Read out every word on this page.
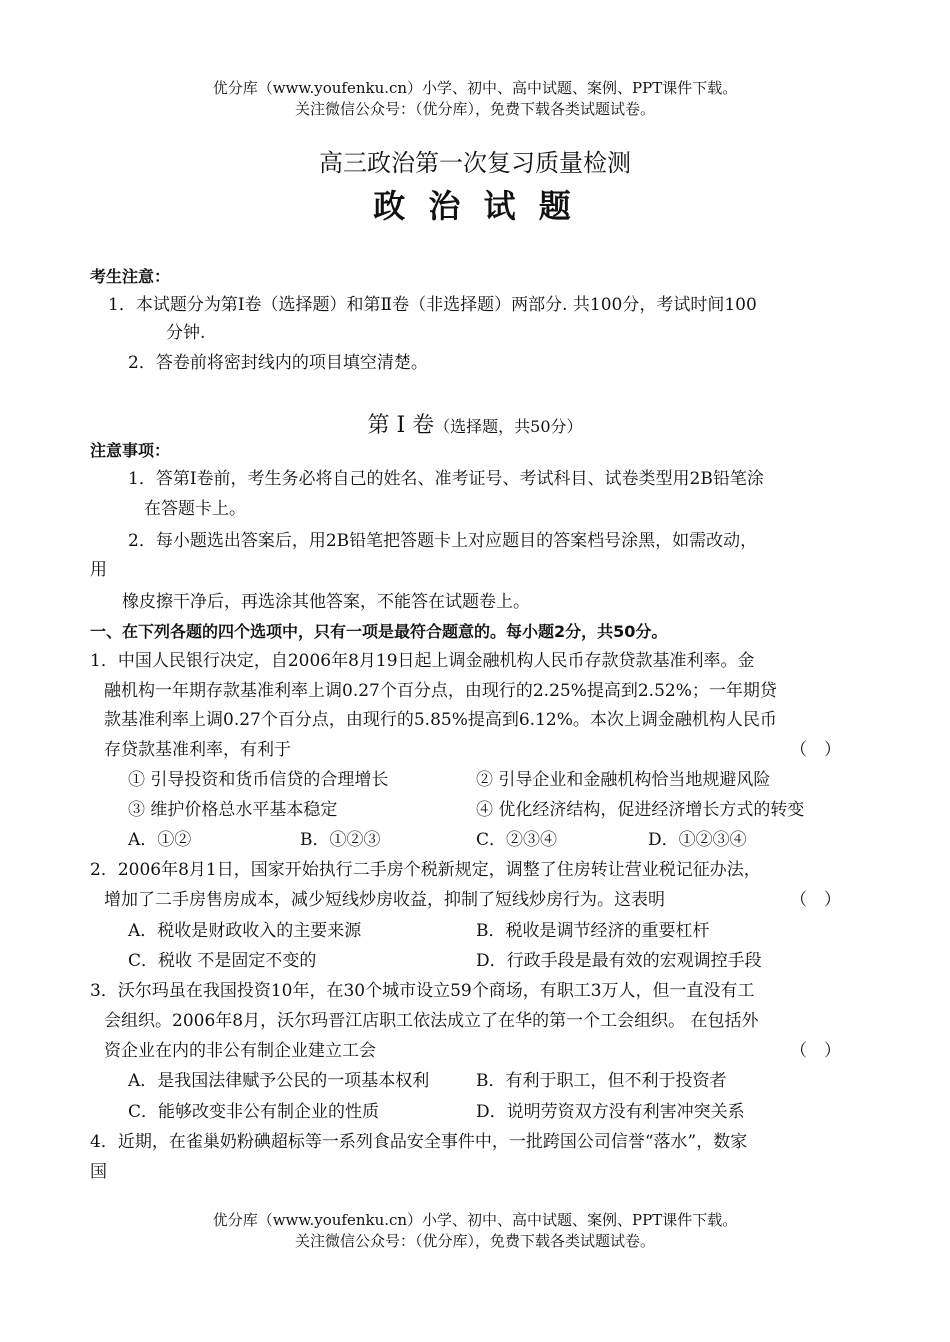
优分库（www.youfenku.cn）小学、初中、高中试题、案例、PPT课件下载。
关注微信公众号：（优分库），免费下载各类试题试卷。
高三政治第一次复习质量检测
政 治 试 题
考生注意：
1．本试题分为第Ⅰ卷（选择题）和第Ⅱ卷（非选择题）两部分. 共100分，考试时间100
分钟.
2．答卷前将密封线内的项目填空清楚。
第 Ⅰ 卷（选择题，共50分）
注意事项：
1．答第Ⅰ卷前，考生务必将自己的姓名、准考证号、考试科目、试卷类型用2B铅笔涂
在答题卡上。
2．每小题选出答案后，用2B铅笔把答题卡上对应题目的答案档号涂黑，如需改动，
用
橡皮擦干净后，再选涂其他答案，不能答在试题卷上。
一、在下列各题的四个选项中，只有一项是最符合题意的。每小题2分，共50分。
1．中国人民银行决定，自2006年8月19日起上调金融机构人民币存款贷款基准利率。金
融机构一年期存款基准利率上调0.27个百分点，由现行的2.25%提高到2.52%；一年期贷
款基准利率上调0.27个百分点，由现行的5.85%提高到6.12%。本次上调金融机构人民币
存贷款基准利率，有利于	（　）
① 引导投资和货币信贷的合理增长	② 引导企业和金融机构恰当地规避风险
③ 维护价格总水平基本稳定	④ 优化经济结构，促进经济增长方式的转变
A．①②	B．①②③	C．②③④	D．①②③④
2．2006年8月1日，国家开始执行二手房个税新规定，调整了住房转让营业税记征办法，
增加了二手房售房成本，减少短线炒房收益，抑制了短线炒房行为。这表明	（　）
A．税收是财政收入的主要来源	B．税收是调节经济的重要杠杆
C．税收 不是固定不变的	D．行政手段是最有效的宏观调控手段
3．沃尔玛虽在我国投资10年，在30个城市设立59个商场，有职工3万人，但一直没有工
会组织。2006年8月，沃尔玛晋江店职工依法成立了在华的第一个工会组织。 在包括外
资企业在内的非公有制企业建立工会	（　）
A．是我国法律赋予公民的一项基本权利	B．有利于职工，但不利于投资者
C．能够改变非公有制企业的性质	D．说明劳资双方没有利害冲突关系
4．近期，在雀巢奶粉碘超标等一系列食品安全事件中，一批跨国公司信誉“落水”，数家
国
优分库（www.youfenku.cn）小学、初中、高中试题、案例、PPT课件下载。
关注微信公众号：（优分库），免费下载各类试题试卷。
